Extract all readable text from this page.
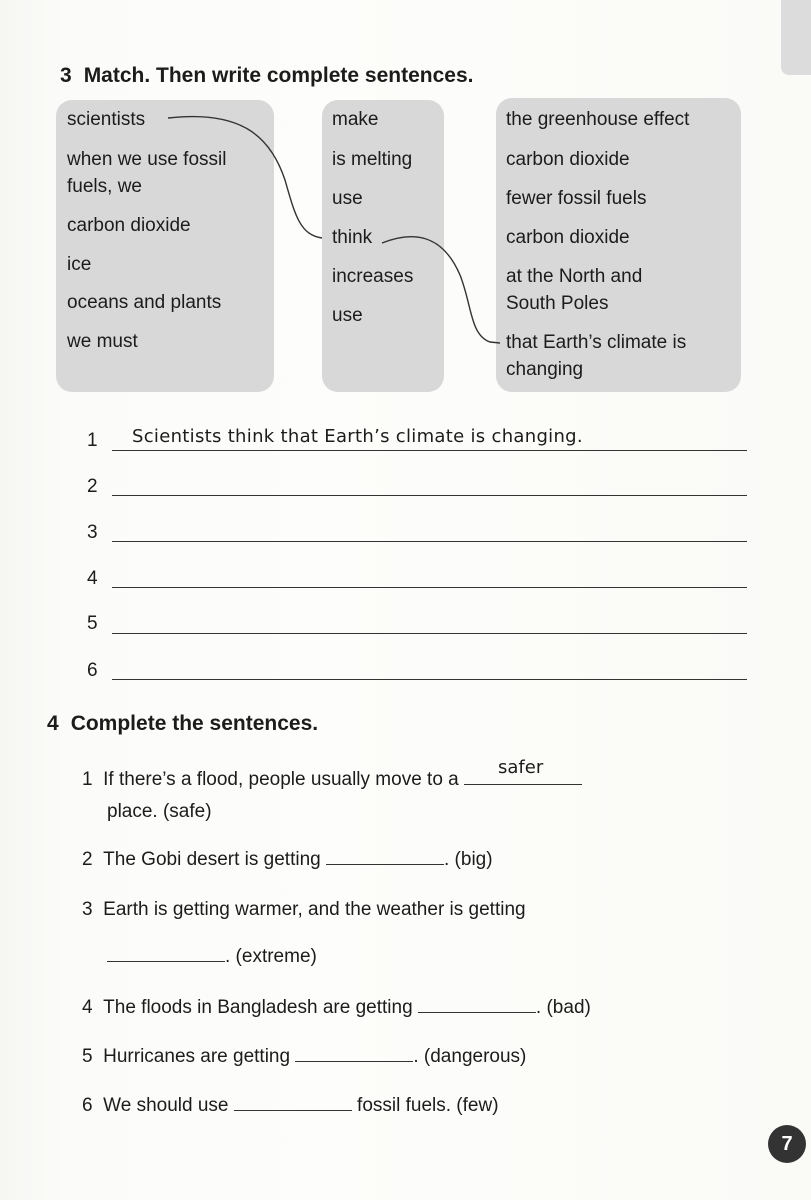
3 Match. Then write complete sentences.
scientists
when we use fossil
fuels, we
carbon dioxide
ice
oceans and plants
we must
make
is melting
use
think
increases
use
the greenhouse effect
carbon dioxide
fewer fossil fuels
carbon dioxide
at the North and
South Poles
that Earth’s climate is
changing
1 Scientists think that Earth’s climate is changing.
2
3
4
5
6
4 Complete the sentences.
1 If there’s a flood, people usually move to a
safer
place. (safe)
2 The Gobi desert is getting	. (big)
3 Earth is getting warmer, and the weather is getting
. (extreme)
4 The floods in Bangladesh are getting	. (bad)
5 Hurricanes are getting	. (dangerous)
6 We should use	fossil fuels. (few)
7
